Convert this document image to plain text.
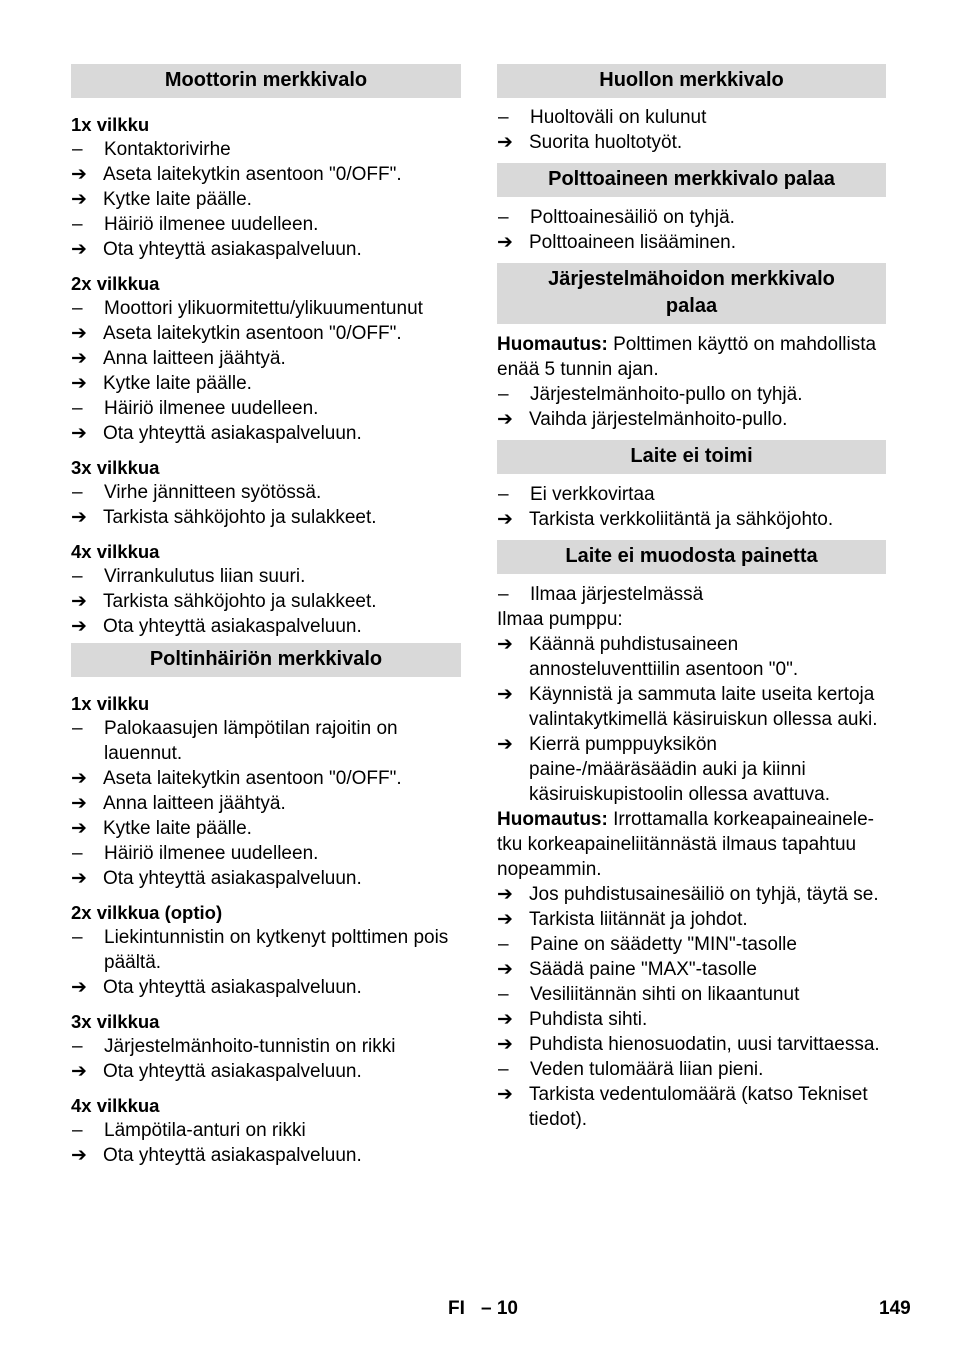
Moottorin merkkivalo
1x vilkku
–	Kontaktorivirhe
➔ Aseta laitekytkin asentoon "0/OFF".
➔ Kytke laite päälle.
–	Häiriö ilmenee uudelleen.
➔ Ota yhteyttä asiakaspalveluun.
2x vilkkua
–	Moottori ylikuormitettu/ylikuumentunut
➔ Aseta laitekytkin asentoon "0/OFF".
➔ Anna laitteen jäähtyä.
➔ Kytke laite päälle.
–	Häiriö ilmenee uudelleen.
➔ Ota yhteyttä asiakaspalveluun.
3x vilkkua
–	Virhe jännitteen syötössä.
➔ Tarkista sähköjohto ja sulakkeet.
4x vilkkua
–	Virrankulutus liian suuri.
➔ Tarkista sähköjohto ja sulakkeet.
➔ Ota yhteyttä asiakaspalveluun.
Poltinhäiriön merkkivalo
1x vilkku
–	Palokaasujen lämpötilan rajoitin on lauennut.
➔ Aseta laitekytkin asentoon "0/OFF".
➔ Anna laitteen jäähtyä.
➔ Kytke laite päälle.
–	Häiriö ilmenee uudelleen.
➔ Ota yhteyttä asiakaspalveluun.
2x vilkkua (optio)
–	Liekintunnistin on kytkenyt polttimen pois päältä.
➔ Ota yhteyttä asiakaspalveluun.
3x vilkkua
–	Järjestelmänhoito-tunnistin on rikki
➔ Ota yhteyttä asiakaspalveluun.
4x vilkkua
–	Lämpötila-anturi on rikki
➔ Ota yhteyttä asiakaspalveluun.
Huollon merkkivalo
–	Huoltoväli on kulunut
➔ Suorita huoltotyöt.
Polttoaineen merkkivalo palaa
–	Polttoainesäiliö on tyhjä.
➔ Polttoaineen lisääminen.
Järjestelmähoidon merkkivalo palaa
Huomautus: Polttimen käyttö on mahdollista enää 5 tunnin ajan.
–	Järjestelmänhoito-pullo on tyhjä.
➔ Vaihda järjestelmänhoito-pullo.
Laite ei toimi
–	Ei verkkovirtaa
➔ Tarkista verkkoliitäntä ja sähköjohto.
Laite ei muodosta painetta
–	Ilmaa järjestelmässä
Ilmaa pumppu:
➔ Käännä puhdistusaineen annosteluventtiilin asentoon "0".
➔ Käynnistä ja sammuta laite useita kertoja valintakytkimellä käsiruiskun ollessa auki.
➔ Kierrä pumppuyksikön paine-/määräsäädin auki ja kiinni käsiruiskupistoolin ollessa avattuva.
Huomautus: Irrottamalla korkeapaineaineletku korkeapaineliitännästä ilmaus tapahtuu nopeammin.
➔ Jos puhdistusainesäiliö on tyhjä, täytä se.
➔ Tarkista liitännät ja johdot.
–	Paine on säädetty "MIN"-tasolle
➔ Säädä paine "MAX"-tasolle
–	Vesiliitännän sihti on likaantunut
➔ Puhdista sihti.
➔ Puhdista hienosuodatin, uusi tarvittaessa.
–	Veden tulomäärä liian pieni.
➔ Tarkista vedentulomäärä (katso Tekniset tiedot).
FI – 10	149
